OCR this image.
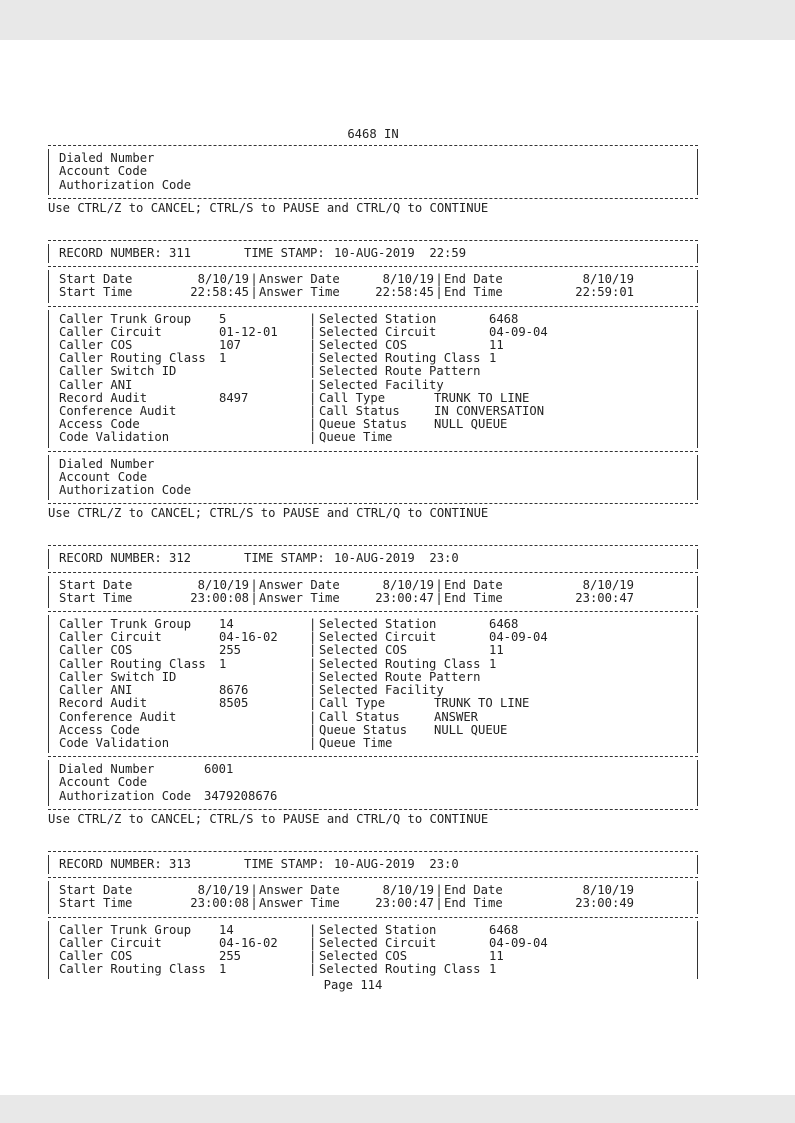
6468 IN
Dialed Number
Account Code
Authorization Code
Use CTRL/Z to CANCEL; CTRL/S to PAUSE and CTRL/Q to CONTINUE
RECORD NUMBER: 311	TIME STAMP: 10-AUG-2019  22:59
Start Date	8/10/19 | Answer Date	8/10/19 | End Date	8/10/19
Start Time	22:58:45 | Answer Time	22:58:45 | End Time	22:59:01
Caller Trunk Group	5	| Selected Station	6468
Caller Circuit	01-12-01	| Selected Circuit	04-09-04
Caller COS	107	| Selected COS	11
Caller Routing Class	1	| Selected Routing Class 1
Caller Switch ID	| Selected Route Pattern
Caller ANI	| Selected Facility
Record Audit	8497	| Call Type	TRUNK TO LINE
Conference Audit	| Call Status	IN CONVERSATION
Access Code	| Queue Status	NULL QUEUE
Code Validation	| Queue Time
Dialed Number
Account Code
Authorization Code
Use CTRL/Z to CANCEL; CTRL/S to PAUSE and CTRL/Q to CONTINUE
RECORD NUMBER: 312	TIME STAMP: 10-AUG-2019  23:0
Start Date	8/10/19 | Answer Date	8/10/19 | End Date	8/10/19
Start Time	23:00:08 | Answer Time	23:00:47 | End Time	23:00:47
Caller Trunk Group	14	| Selected Station	6468
Caller Circuit	04-16-02	| Selected Circuit	04-09-04
Caller COS	255	| Selected COS	11
Caller Routing Class	1	| Selected Routing Class 1
Caller Switch ID	| Selected Route Pattern
Caller ANI	8676	| Selected Facility
Record Audit	8505	| Call Type	TRUNK TO LINE
Conference Audit	| Call Status	ANSWER
Access Code	| Queue Status	NULL QUEUE
Code Validation	| Queue Time
Dialed Number	6001
Account Code
Authorization Code	3479208676
Use CTRL/Z to CANCEL; CTRL/S to PAUSE and CTRL/Q to CONTINUE
RECORD NUMBER: 313	TIME STAMP: 10-AUG-2019  23:0
Start Date	8/10/19 | Answer Date	8/10/19 | End Date	8/10/19
Start Time	23:00:08 | Answer Time	23:00:47 | End Time	23:00:49
Caller Trunk Group	14	| Selected Station	6468
Caller Circuit	04-16-02	| Selected Circuit	04-09-04
Caller COS	255	| Selected COS	11
Caller Routing Class	1	| Selected Routing Class 1
Page 114
